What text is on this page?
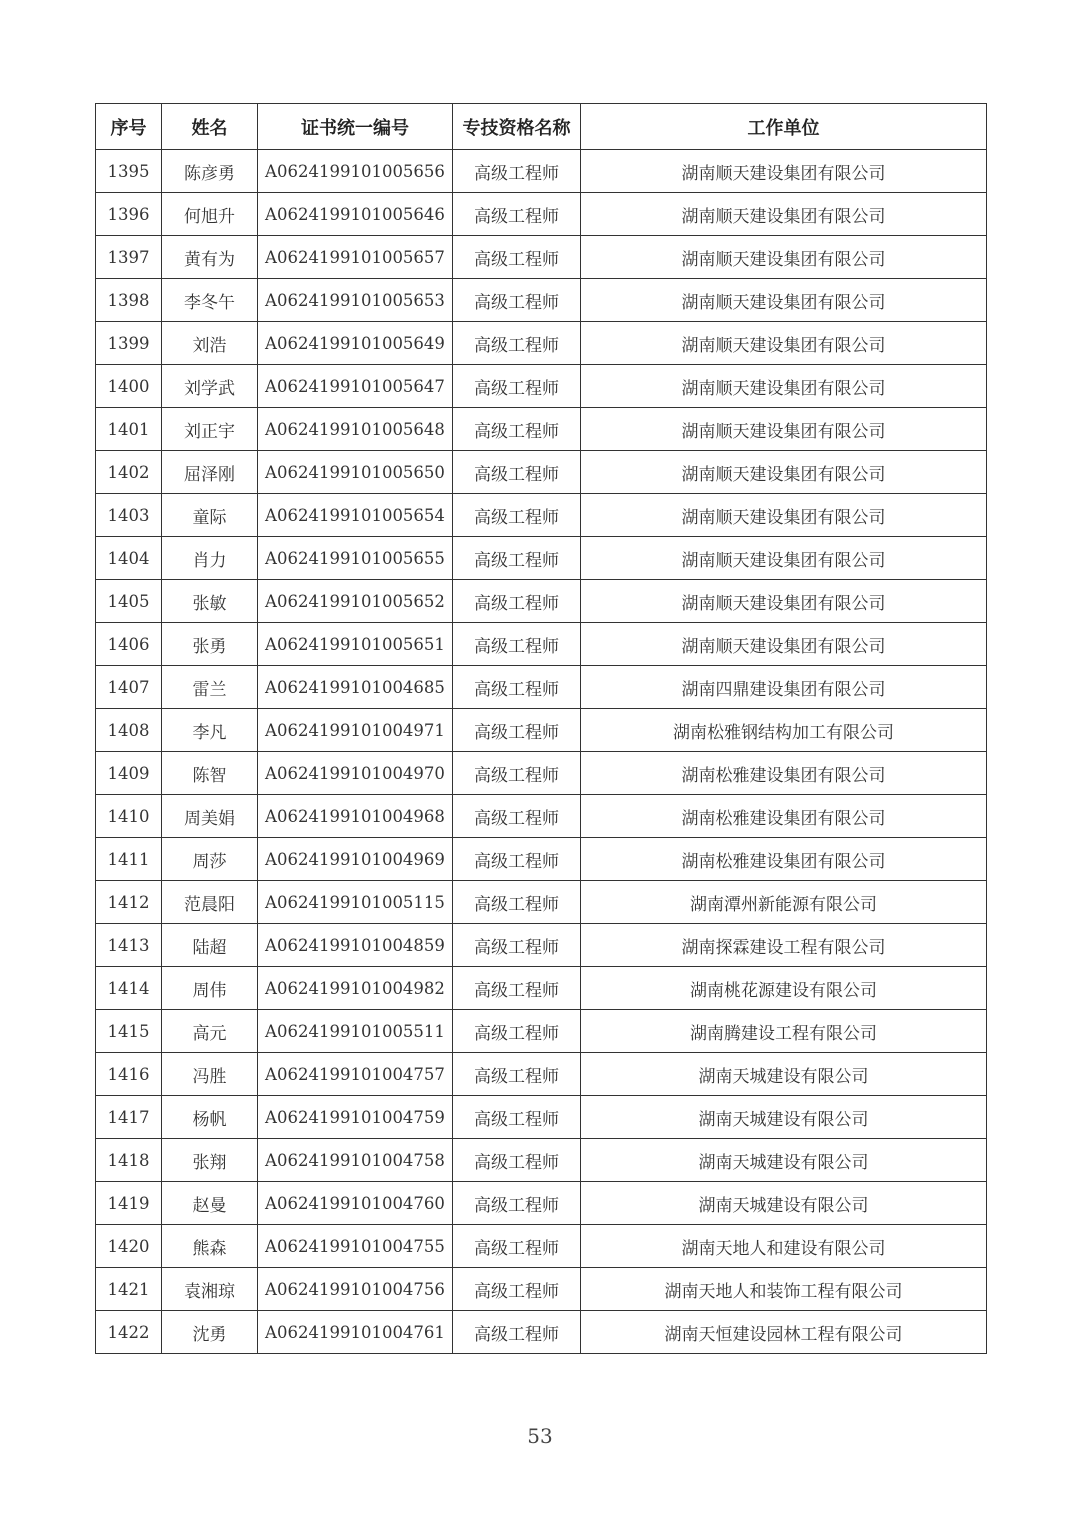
序号	姓名	证书统一编号	专技资格名称	工作单位
1395	陈彦勇	A0624199101005656	高级工程师	湖南顺天建设集团有限公司
1396	何旭升	A0624199101005646	高级工程师	湖南顺天建设集团有限公司
1397	黄有为	A0624199101005657	高级工程师	湖南顺天建设集团有限公司
1398	李冬午	A0624199101005653	高级工程师	湖南顺天建设集团有限公司
1399	刘浩	A0624199101005649	高级工程师	湖南顺天建设集团有限公司
1400	刘学武	A0624199101005647	高级工程师	湖南顺天建设集团有限公司
1401	刘正宇	A0624199101005648	高级工程师	湖南顺天建设集团有限公司
1402	屈泽刚	A0624199101005650	高级工程师	湖南顺天建设集团有限公司
1403	童际	A0624199101005654	高级工程师	湖南顺天建设集团有限公司
1404	肖力	A0624199101005655	高级工程师	湖南顺天建设集团有限公司
1405	张敏	A0624199101005652	高级工程师	湖南顺天建设集团有限公司
1406	张勇	A0624199101005651	高级工程师	湖南顺天建设集团有限公司
1407	雷兰	A0624199101004685	高级工程师	湖南四鼎建设集团有限公司
1408	李凡	A0624199101004971	高级工程师	湖南松雅钢结构加工有限公司
1409	陈智	A0624199101004970	高级工程师	湖南松雅建设集团有限公司
1410	周美娟	A0624199101004968	高级工程师	湖南松雅建设集团有限公司
1411	周莎	A0624199101004969	高级工程师	湖南松雅建设集团有限公司
1412	范晨阳	A0624199101005115	高级工程师	湖南潭州新能源有限公司
1413	陆超	A0624199101004859	高级工程师	湖南探霖建设工程有限公司
1414	周伟	A0624199101004982	高级工程师	湖南桃花源建设有限公司
1415	高元	A0624199101005511	高级工程师	湖南腾建设工程有限公司
1416	冯胜	A0624199101004757	高级工程师	湖南天城建设有限公司
1417	杨帆	A0624199101004759	高级工程师	湖南天城建设有限公司
1418	张翔	A0624199101004758	高级工程师	湖南天城建设有限公司
1419	赵曼	A0624199101004760	高级工程师	湖南天城建设有限公司
1420	熊森	A0624199101004755	高级工程师	湖南天地人和建设有限公司
1421	袁湘琼	A0624199101004756	高级工程师	湖南天地人和装饰工程有限公司
1422	沈勇	A0624199101004761	高级工程师	湖南天恒建设园林工程有限公司
53
